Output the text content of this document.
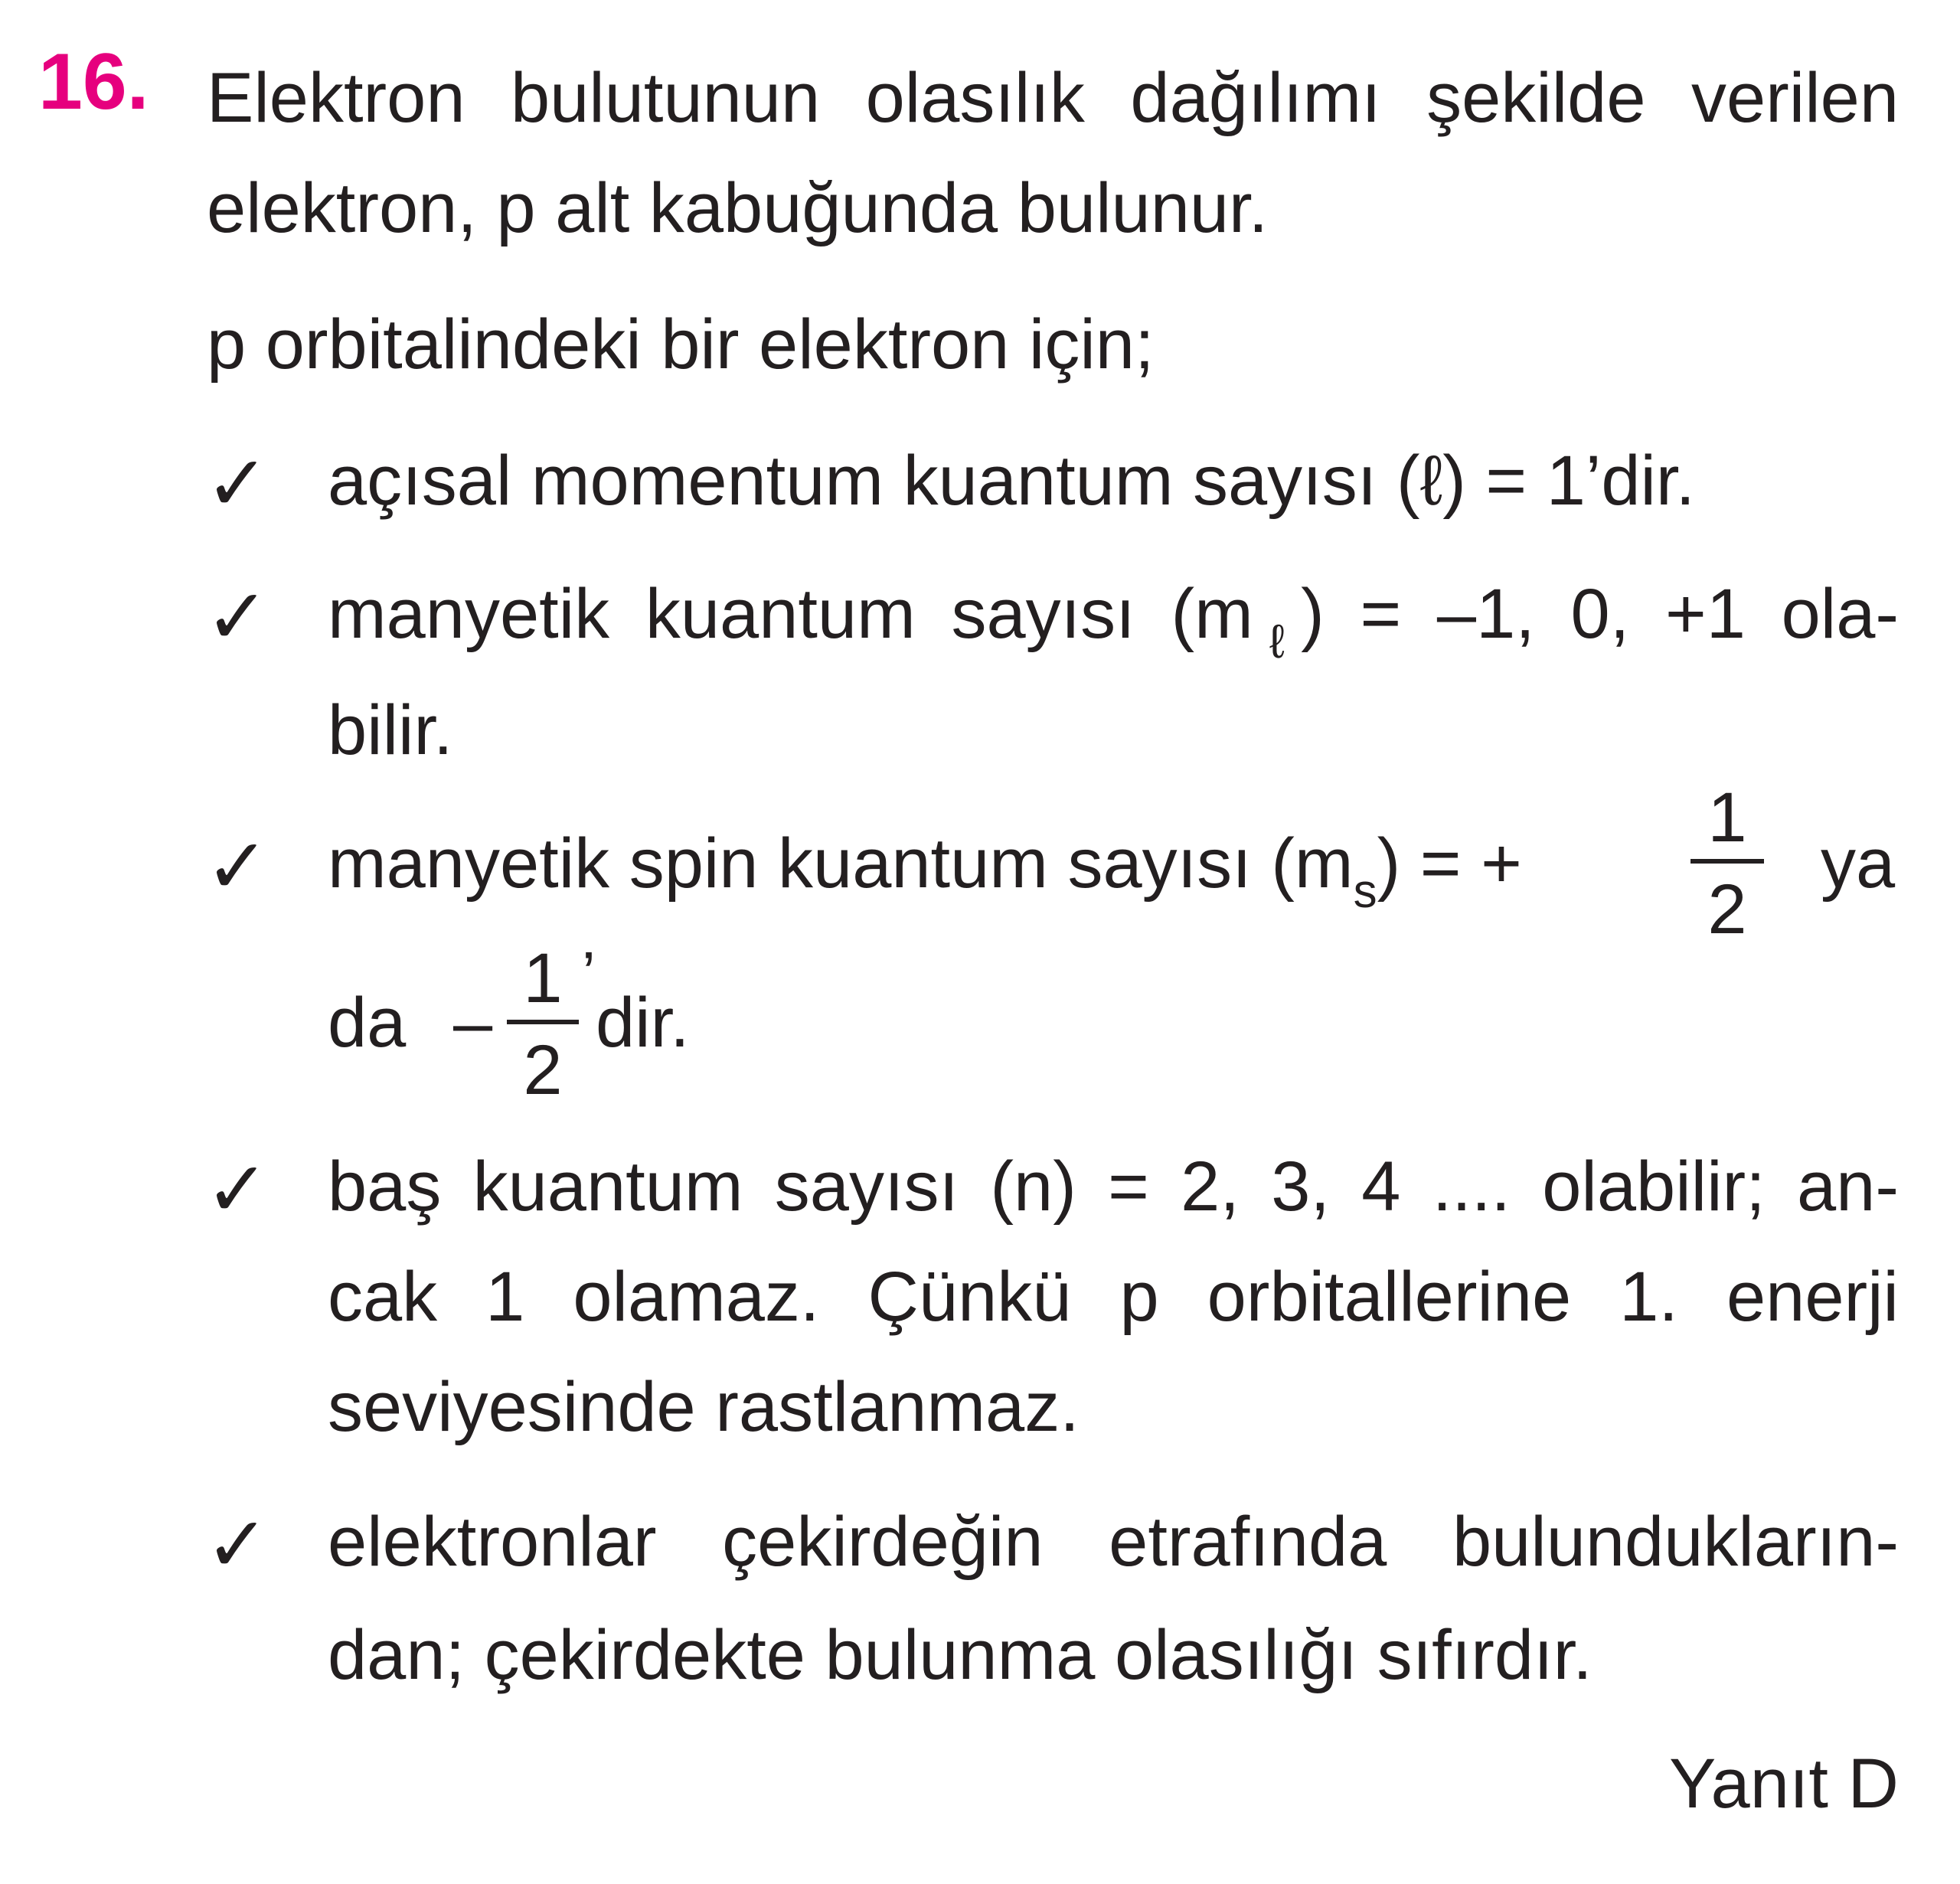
16. Elektron bulutunun olasılık dağılımı şekilde verilen
elektron, p alt kabuğunda bulunur.
p orbitalindeki bir elektron için;
✓ açısal momentum kuantum sayısı (ℓ) = 1’dir.
✓ manyetik kuantum sayısı $(m_\ell) = -1$, 0, +1 ola-
bilir.
✓ manyetik spin kuantum sayısı $(m_s)$ = +
1
2
ya
da –
1
2
’
dir.
✓ baş kuantum sayısı (n) = 2, 3, 4 .... olabilir; an-
cak 1 olamaz. Çünkü p orbitallerine 1. enerji
seviyesinde rastlanmaz.
✓ elektronlar çekirdeğin etrafında bulundukların-
dan; çekirdekte bulunma olasılığı sıfırdır.
Yanıt D
